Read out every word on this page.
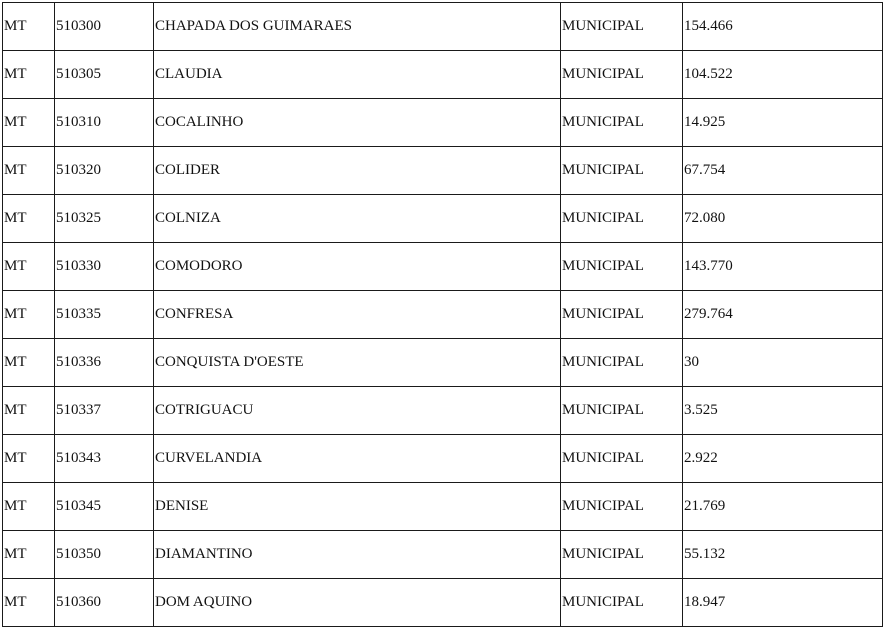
MT	510300	CHAPADA DOS GUIMARAES	MUNICIPAL	154.466
MT	510305	CLAUDIA	MUNICIPAL	104.522
MT	510310	COCALINHO	MUNICIPAL	14.925
MT	510320	COLIDER	MUNICIPAL	67.754
MT	510325	COLNIZA	MUNICIPAL	72.080
MT	510330	COMODORO	MUNICIPAL	143.770
MT	510335	CONFRESA	MUNICIPAL	279.764
MT	510336	CONQUISTA D'OESTE	MUNICIPAL	30
MT	510337	COTRIGUACU	MUNICIPAL	3.525
MT	510343	CURVELANDIA	MUNICIPAL	2.922
MT	510345	DENISE	MUNICIPAL	21.769
MT	510350	DIAMANTINO	MUNICIPAL	55.132
MT	510360	DOM AQUINO	MUNICIPAL	18.947
